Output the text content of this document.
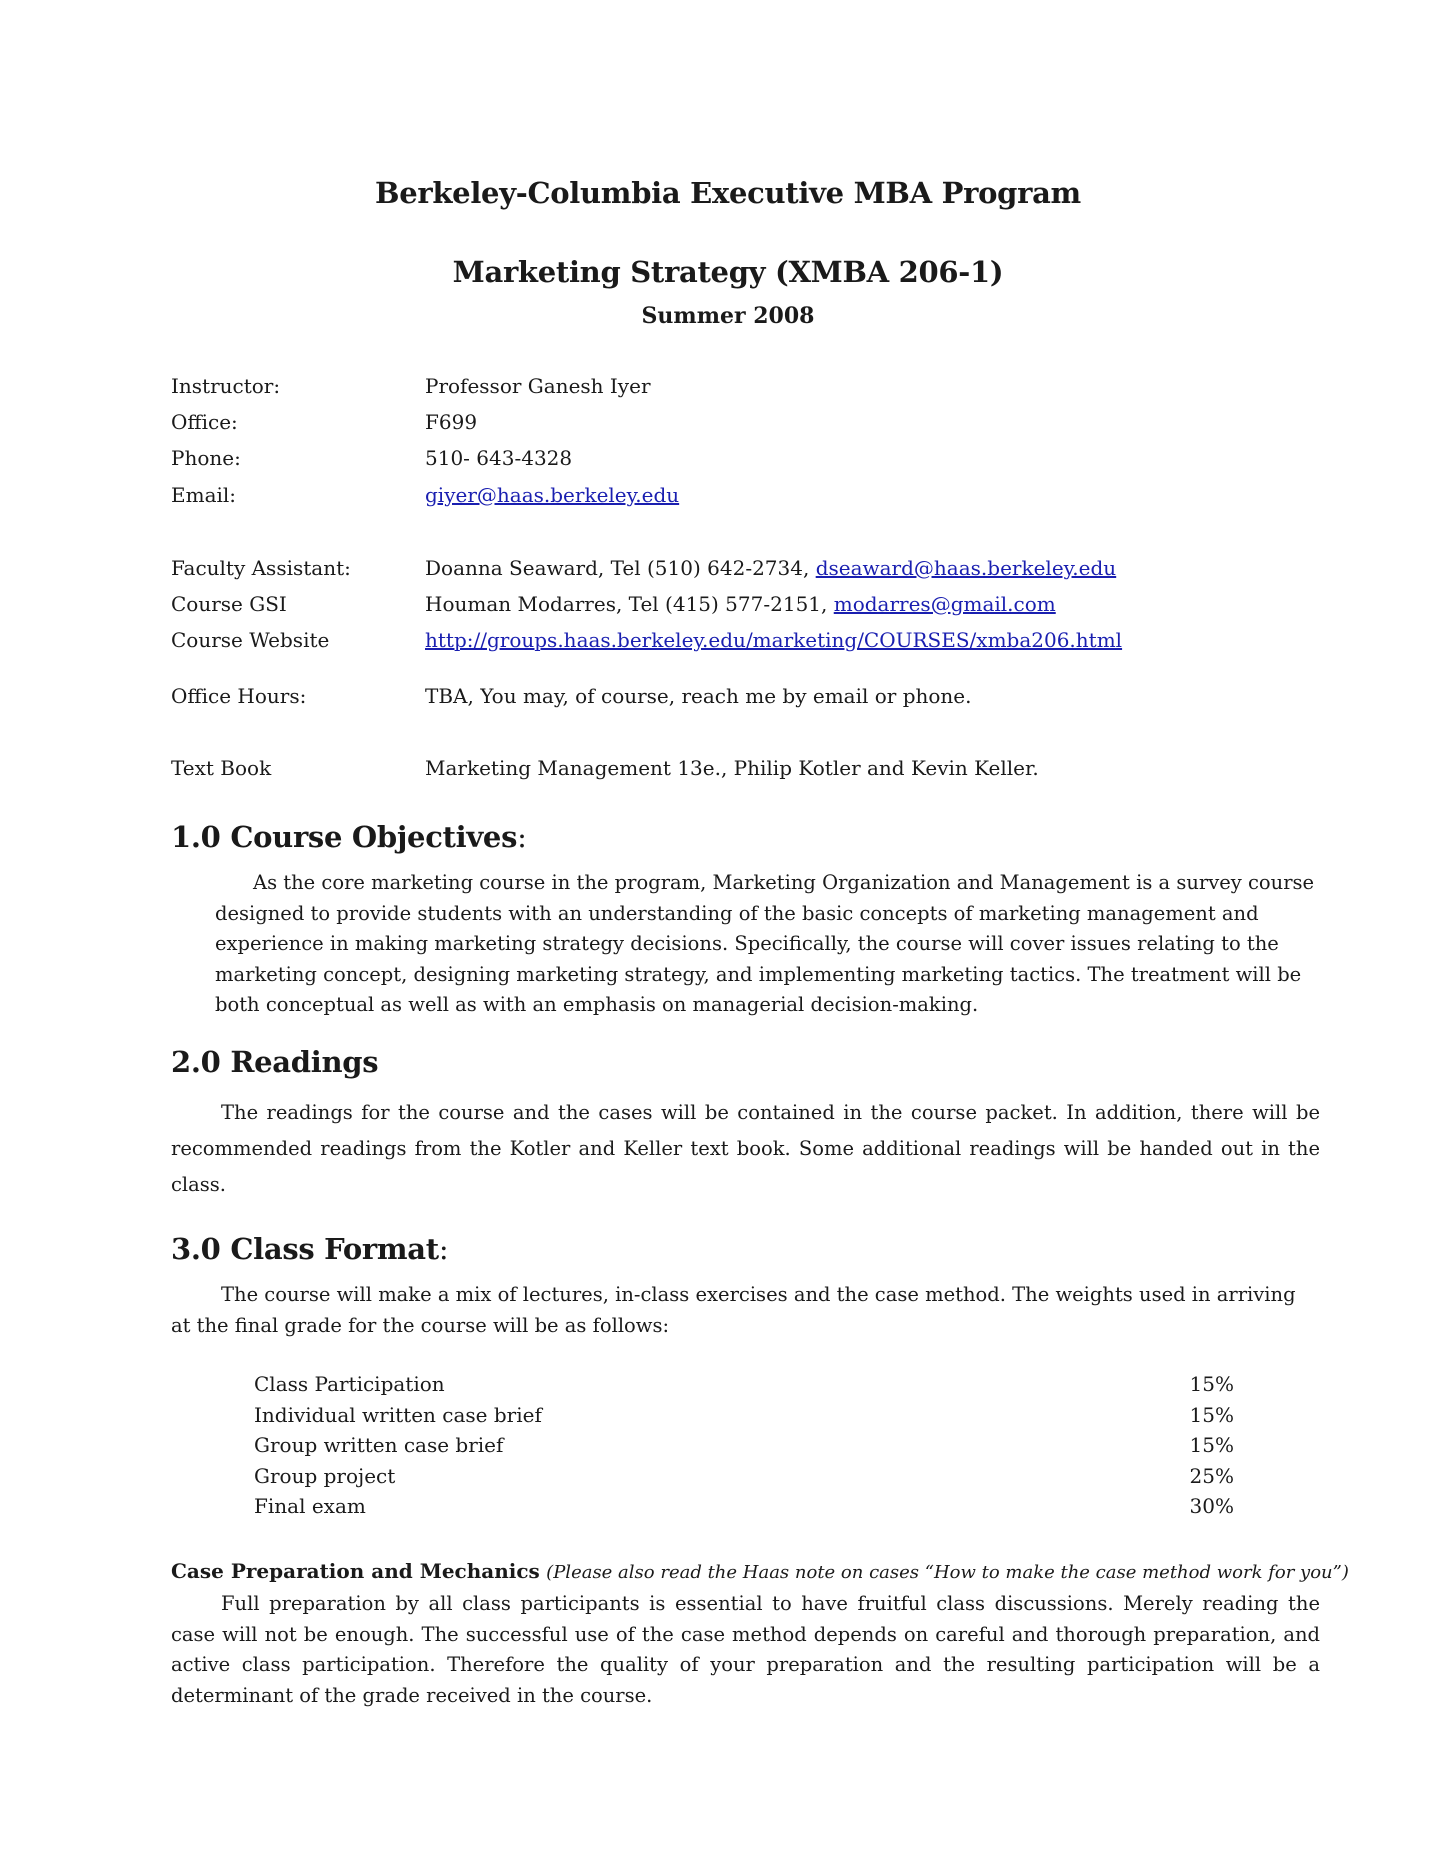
Berkeley-Columbia Executive MBA Program
Marketing Strategy (XMBA 206-1)
Summer 2008
Instructor:	Professor Ganesh Iyer
Office:	F699
Phone:	510- 643-4328
Email:	giyer@haas.berkeley.edu
Faculty Assistant:	Doanna Seaward, Tel (510) 642-2734, dseaward@haas.berkeley.edu
Course GSI	Houman Modarres, Tel (415) 577-2151, modarres@gmail.com
Course Website	http://groups.haas.berkeley.edu/marketing/COURSES/xmba206.html
Office Hours:	TBA, You may, of course, reach me by email or phone.
Text Book	Marketing Management 13e., Philip Kotler and Kevin Keller.
1.0 Course Objectives:

As the core marketing course in the program, Marketing Organization and Management is a survey course designed to provide students with an understanding of the basic concepts of marketing management and experience in making marketing strategy decisions. Specifically, the course will cover issues relating to the marketing concept, designing marketing strategy, and implementing marketing tactics. The treatment will be both conceptual as well as with an emphasis on managerial decision-making.

2.0 Readings

The readings for the course and the cases will be contained in the course packet. In addition, there will be recommended readings from the Kotler and Keller text book. Some additional readings will be handed out in the class.

3.0 Class Format:

The course will make a mix of lectures, in-class exercises and the case method. The weights used in arriving at the final grade for the course will be as follows:

Class Participation	15%
Individual written case brief	15%
Group written case brief	15%
Group project	25%
Final exam	30%
Case Preparation and Mechanics (Please also read the Haas note on cases “How to make the case method work for you”)

Full preparation by all class participants is essential to have fruitful class discussions. Merely reading the case will not be enough. The successful use of the case method depends on careful and thorough preparation, and active class participation. Therefore the quality of your preparation and the resulting participation will be a determinant of the grade received in the course.
